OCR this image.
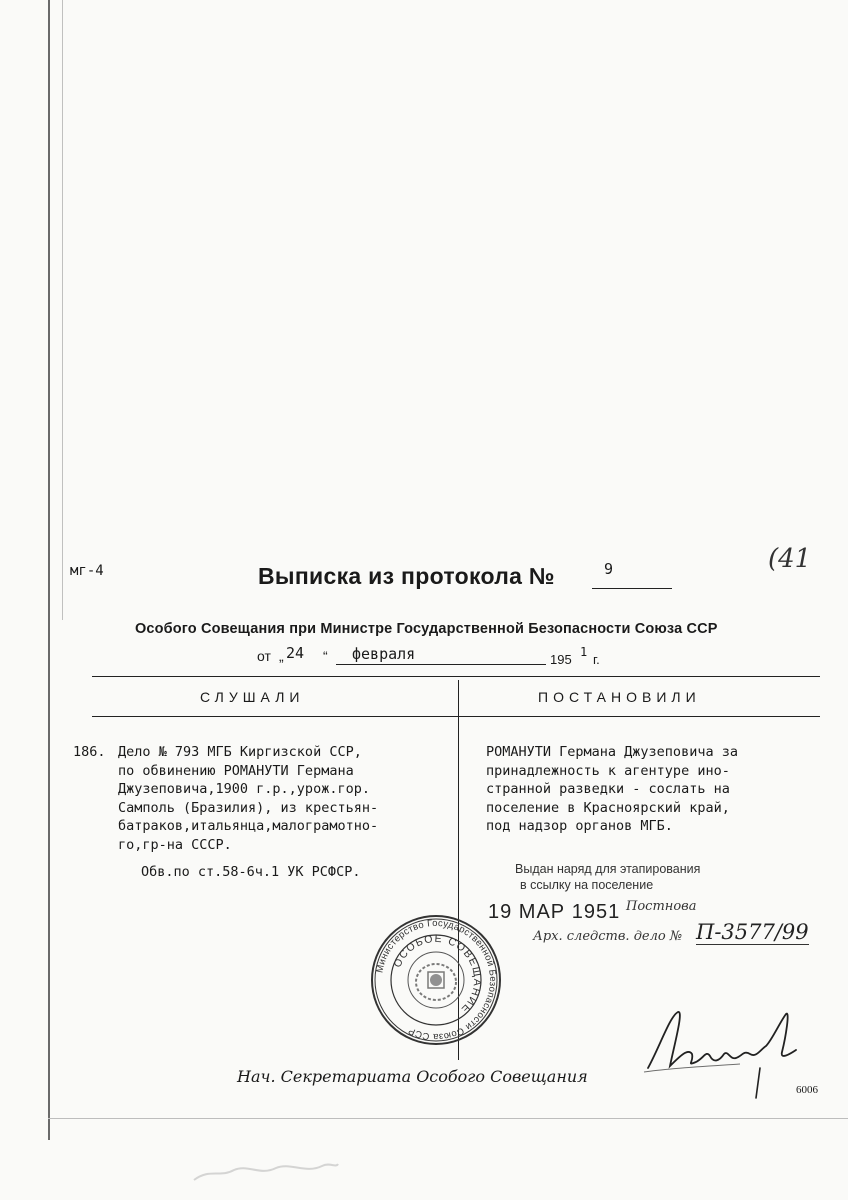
мг-4	Выписка из протокола №	9	(41
Особого Совещания при Министре Государственной Безопасности Союза ССР
от „	“
24	февраля	195 1 г.
СЛУШАЛИ	ПОСТАНОВИЛИ
186. Дело № 793 МГБ Киргизской ССР,
по обвинению РОМАНУТИ Германа
Джузеповича,1900 г.р.,урож.гор.
Самполь (Бразилия), из крестьян-
батраков,итальянца,малограмотно-
го,гр-на СССР.
Обв.по ст.58-6ч.1 УК РСФСР.
РОМАНУТИ Германа Джузеповича за
принадлежность к агентуре ино-
странной разведки - сослать на
поселение в Красноярский край,
под надзор органов МГБ.
Выдан наряд для этапирования
в ссылку на поселение
19 МАР 1951 Постнова
Арх. следств. дело № П-3577/99
Министерство Государственной Безопасности Союза ССР
ОСОБОЕ СОВЕЩАНИЕ
Нач. Секретариата Особого Совещания
6006
